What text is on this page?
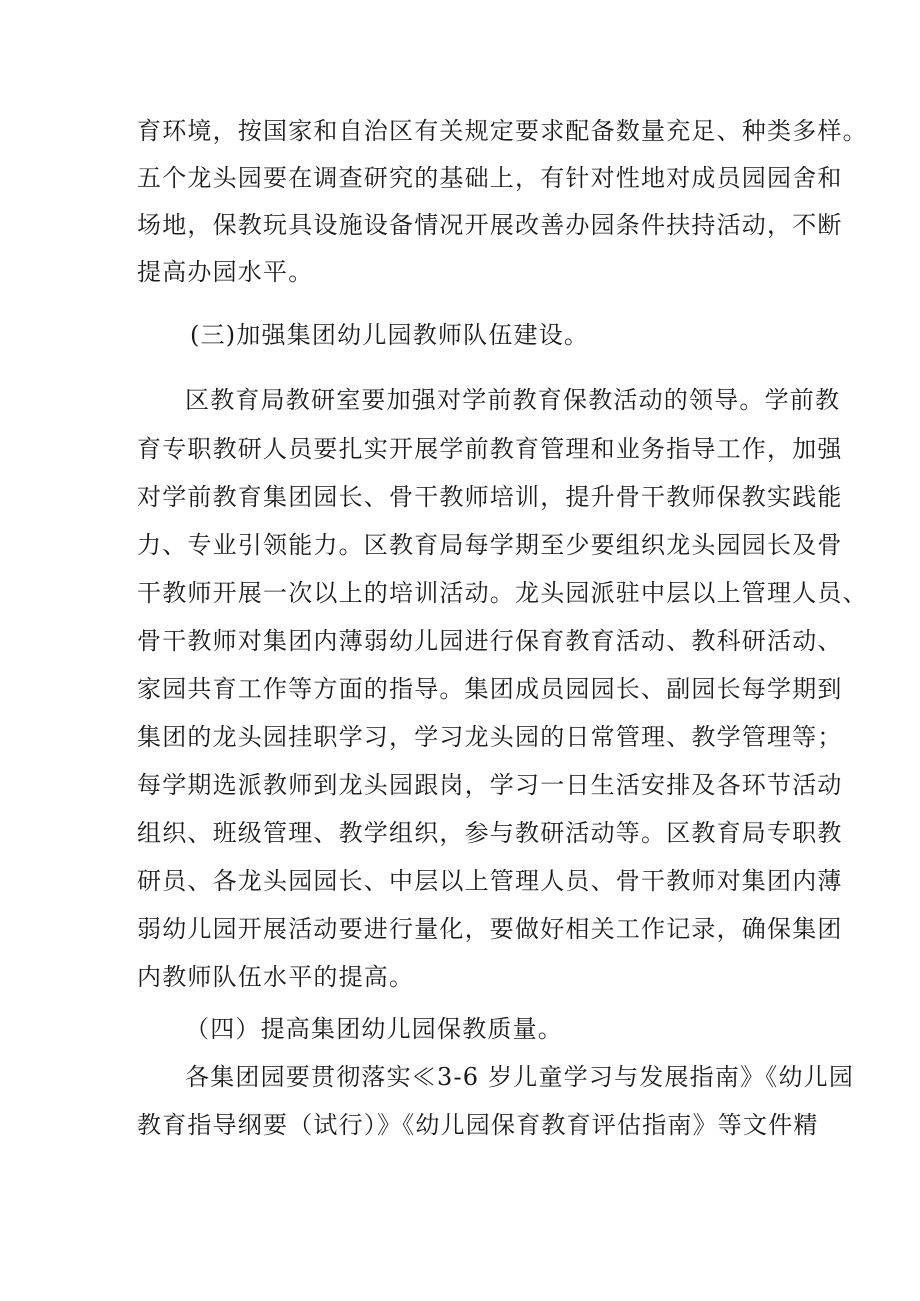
育环境，按国家和自治区有关规定要求配备数量充足、种类多样。
五个龙头园要在调查研究的基础上，有针对性地对成员园园舍和
场地，保教玩具设施设备情况开展改善办园条件扶持活动，不断
提高办园水平。
(三)加强集团幼儿园教师队伍建设。
区教育局教研室要加强对学前教育保教活动的领导。学前教
育专职教研人员要扎实开展学前教育管理和业务指导工作，加强
对学前教育集团园长、骨干教师培训，提升骨干教师保教实践能
力、专业引领能力。区教育局每学期至少要组织龙头园园长及骨
干教师开展一次以上的培训活动。龙头园派驻中层以上管理人员、
骨干教师对集团内薄弱幼儿园进行保育教育活动、教科研活动、
家园共育工作等方面的指导。集团成员园园长、副园长每学期到
集团的龙头园挂职学习，学习龙头园的日常管理、教学管理等；
每学期选派教师到龙头园跟岗，学习一日生活安排及各环节活动
组织、班级管理、教学组织，参与教研活动等。区教育局专职教
研员、各龙头园园长、中层以上管理人员、骨干教师对集团内薄
弱幼儿园开展活动要进行量化，要做好相关工作记录，确保集团
内教师队伍水平的提高。
（四）提高集团幼儿园保教质量。
各集团园要贯彻落实≪3-6 岁儿童学习与发展指南》《幼儿园
教育指导纲要（试行）》《幼儿园保育教育评估指南》等文件精
